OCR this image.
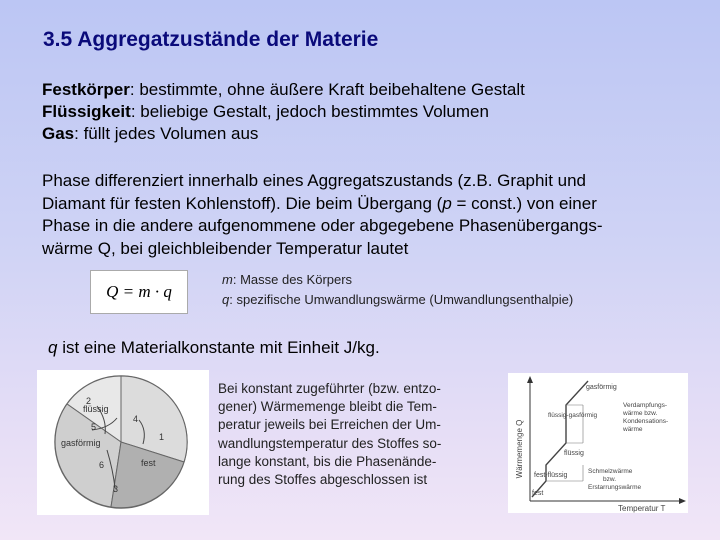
3.5 Aggregatzustände der Materie
Festkörper: bestimmte, ohne äußere Kraft beibehaltene Gestalt
Flüssigkeit: beliebige Gestalt, jedoch bestimmtes Volumen
Gas: füllt jedes Volumen aus
Phase differenziert innerhalb eines Aggregatszustands (z.B. Graphit und
Diamant für festen Kohlenstoff). Die beim Übergang (p = const.) von einer
Phase in die andere aufgenommene oder abgegebene Phasenübergangs-
wärme Q, bei gleichbleibender Temperatur lautet
Q = m · q
m: Masse des Körpers
q: spezifische Umwandlungswärme (Umwandlungsenthalpie)
q ist eine Materialkonstante mit Einheit J/kg.
flüssig
gasförmig
fest
2
5
4
1
6
3
Bei konstant zugeführter (bzw. entzo-
gener) Wärmemenge bleibt die Tem-
peratur jeweils bei Erreichen der Um-
wandlungstemperatur des Stoffes so-
lange konstant, bis die Phasenände-
rung des Stoffes abgeschlossen ist
Wärmemenge Q
Temperatur T
gasförmig
flüssig-gasförmig
Verdampfungs-
wärme bzw.
Kondensations-
wärme
flüssig
Schmelzwärme
bzw.
Erstarrungswärme
fest-flüssig
fest
